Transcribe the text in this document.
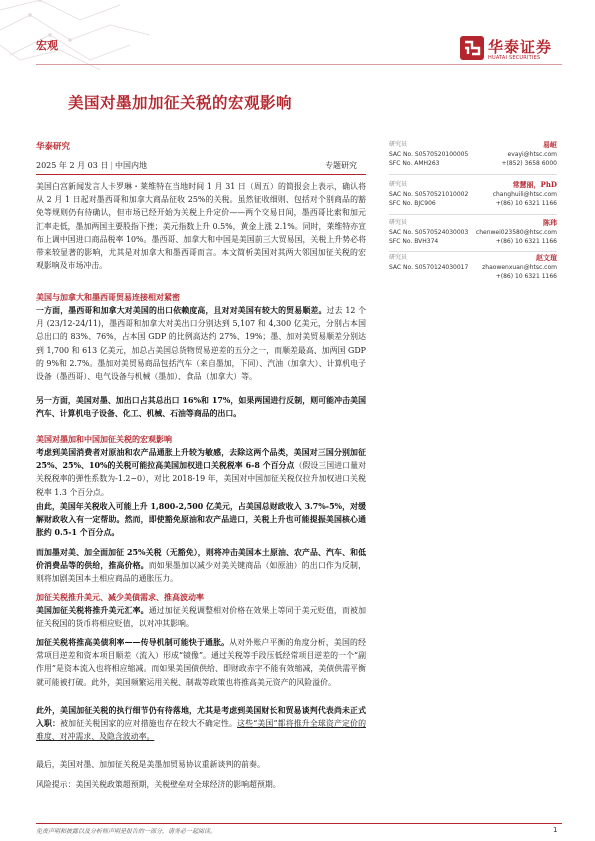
宏观	华泰证券
HUATAI SECURITIES
美国对墨加加征关税的宏观影响
华泰研究
2025 年 2 月 03 日 | 中国内地	专题研究
美国白宫新闻发言人卡罗琳・莱维特在当地时间 1 月 31 日（周五）的简报会上表示，确认将从 2 月 1 日起对墨西哥和加拿大商品征收 25%的关税。虽然征收细则、包括对个别商品的豁免等规则仍有待确认，但市场已经开始为关税上升定价——两个交易日间，墨西哥比索和加元汇率走低，墨加两国主要股指下挫；美元指数上升 0.5%，黄金上涨 2.1%。同时，莱维特亦宣布上调中国进口商品税率 10%。墨西哥、加拿大和中国是美国前三大贸易国，关税上升势必将带来较显著的影响，尤其是对加拿大和墨西哥而言。本文简析美国对其两大邻国加征关税的宏观影响及市场冲击。
美国与加拿大和墨西哥贸易连接相对紧密
一方面，墨西哥和加拿大对美国的出口依赖度高，且对对美国有较大的贸易顺差。过去 12 个月 (23/12-24/11)，墨西哥和加拿大对美出口分别达到 5,107 和 4,300 亿美元，分别占本国总出口的 83%、76%，占本国 GDP 的比例高达约 27%、19%；墨、加对美贸易顺差分别达到 1,700 和 613 亿美元，加总占美国总货物贸易逆差的五分之一，而顺差最高、加两国 GDP 的 9%和 2.7%。墨加对美贸易商品包括汽车（来自墨加，下同）、汽油（加拿大）、计算机电子设备（墨西哥）、电气设备与机械（墨加）、食品（加拿大）等。
另一方面，美国对墨、加出口占其总出口 16%和 17%，如果两国进行反制，则可能冲击美国汽车、计算机电子设备、化工、机械、石油等商品的出口。
美国对墨加和中国加征关税的宏观影响
考虑到美国消费者对原油和农产品通胀上升较为敏感，去除这两个品类，美国对三国分别加征 25%、25%、10%的关税可能拉高美国加权进口关税税率 6-8 个百分点（假设三国进口量对关税税率的弹性系数为-1.2~0），对比 2018-19 年，美国对中国加征关税仅拉升加权进口关税税率 1.3 个百分点。
由此，美国年关税收入可能上升 1,800-2,500 亿美元，占美国总财政收入 3.7%-5%，对缓解财政收入有一定帮助。然而，即使豁免原油和农产品进口，关税上升也可能提振美国核心通胀约 0.5-1 个百分点。
而加墨对美、加全面加征 25%关税（无豁免），则将冲击美国本土原油、农产品、汽车、和低价消费品等的供给，推高价格。而如果墨加以减少对美关键商品（如原油）的出口作为反制，则将加剧美国本土相应商品的通胀压力。
加征关税推升美元、减少美债需求、推高波动率
美国加征关税将推升美元汇率。通过加征关税调整相对价格在效果上等同于美元贬值，而被加征关税国的货币将相应贬值，以对冲其影响。
加征关税将推高美债利率——传导机制可能快于通胀。从对外账户平衡的角度分析，美国的经常项目逆差和资本项目顺差（流入）形成“镜像”。通过关税等手段压低经常项目逆差的一个“副作用”是资本流入也将相应缩减。而如果美国债供给、即财政赤字不能有效缩减，美债供需平衡就可能被打破。此外，美国频繁运用关税、制裁等政策也将推高美元资产的风险溢价。
此外，美国加征关税的执行细节仍有待落地，尤其是考虑到美国财长和贸易谈判代表尚未正式入职：被加征关税国家的应对措施也存在较大不确定性。这些“美国”都将推升全球资产定价的难度、对冲需求、及隐含波动率。
最后，美国对墨、加加征关税是美墨加贸易协议重新谈判的前奏。
风险提示：美国关税政策超预期，关税壁垒对全球经济的影响超预期。
研究员	易峘
SAC No. S0570520100005	evayi@htsc.com
SFC No. AMH263	+(852) 3658 6000
研究员	常慧丽，PhD
SAC No. S0570521010002	changhuili@htsc.com
SFC No. BJC906	+(86) 10 6321 1166
研究员	陈玮
SAC No. S0570524030003 chenwei023580@htsc.com
SFC No. BVH374	+(86) 10 6321 1166
研究员	赵文瑄
SAC No. S0570124030017 zhaowenxuan@htsc.com
+(86) 10 6321 1166
免责声明和披露以及分析师声明是报告的一部分，请务必一起阅读。	1
